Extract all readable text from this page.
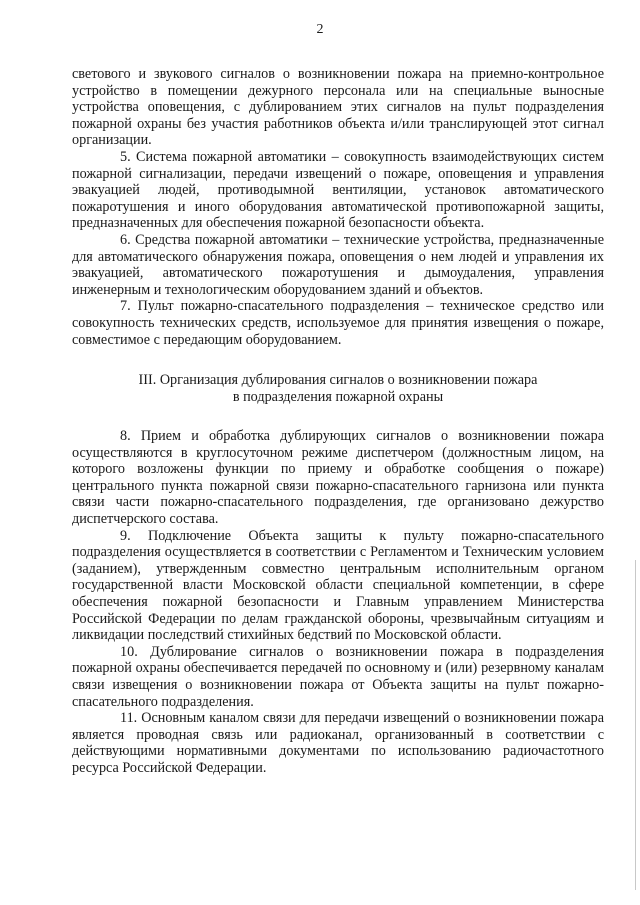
2

светового и звукового сигналов о возникновении пожара на приемно-контрольное устройство в помещении дежурного персонала или на специальные выносные устройства оповещения, с дублированием этих сигналов на пульт подразделения пожарной охраны без участия работников объекта и/или транслирующей этот сигнал организации.

5. Система пожарной автоматики – совокупность взаимодействующих систем пожарной сигнализации, передачи извещений о пожаре, оповещения и управления эвакуацией людей, противодымной вентиляции, установок автоматического пожаротушения и иного оборудования автоматической противопожарной защиты, предназначенных для обеспечения пожарной безопасности объекта.

6. Средства пожарной автоматики – технические устройства, предназначенные для автоматического обнаружения пожара, оповещения о нем людей и управления их эвакуацией, автоматического пожаротушения и дымоудаления, управления инженерным и технологическим оборудованием зданий и объектов.

7. Пульт пожарно-спасательного подразделения – техническое средство или совокупность технических средств, используемое для принятия извещения о пожаре, совместимое с передающим оборудованием.

III. Организация дублирования сигналов о возникновении пожара
в подразделения пожарной охраны

8. Прием и обработка дублирующих сигналов о возникновении пожара осуществляются в круглосуточном режиме диспетчером (должностным лицом, на которого возложены функции по приему и обработке сообщения о пожаре) центрального пункта пожарной связи пожарно-спасательного гарнизона или пункта связи части пожарно-спасательного подразделения, где организовано дежурство диспетчерского состава.

9. Подключение Объекта защиты к пульту пожарно-спасательного подразделения осуществляется в соответствии с Регламентом и Техническим условием (заданием), утвержденным совместно центральным исполнительным органом государственной власти Московской области специальной компетенции, в сфере обеспечения пожарной безопасности и Главным управлением Министерства Российской Федерации по делам гражданской обороны, чрезвычайным ситуациям и ликвидации последствий стихийных бедствий по Московской области.

10. Дублирование сигналов о возникновении пожара в подразделения пожарной охраны обеспечивается передачей по основному и (или) резервному каналам связи извещения о возникновении пожара от Объекта защиты на пульт пожарно-спасательного подразделения.

11. Основным каналом связи для передачи извещений о возникновении пожара является проводная связь или радиоканал, организованный в соответствии с действующими нормативными документами по использованию радиочастотного ресурса Российской Федерации.
